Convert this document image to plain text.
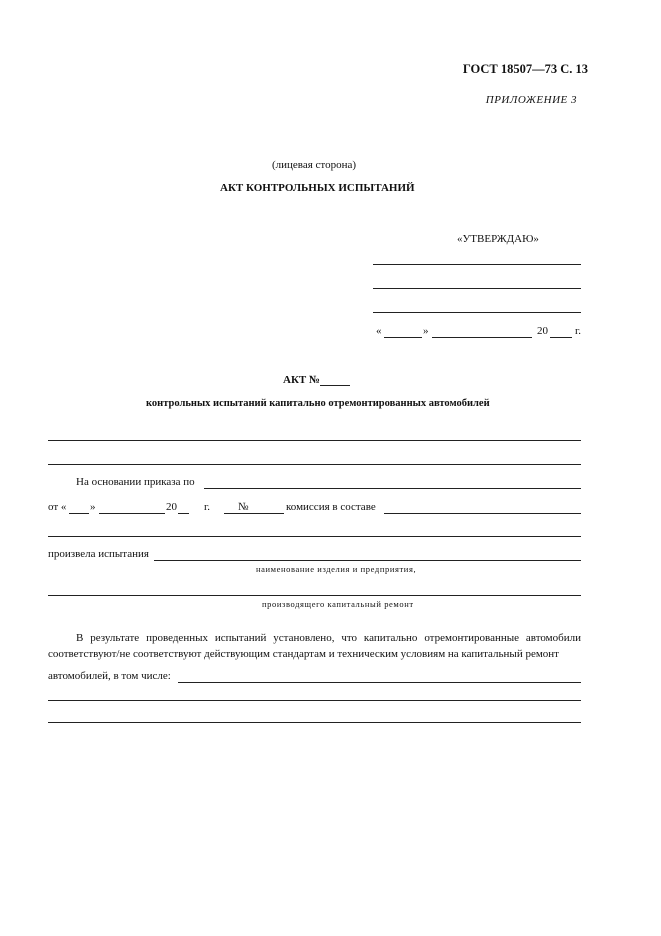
ГОСТ 18507—73 С. 13
ПРИЛОЖЕНИЕ 3
(лицевая сторона)
АКТ КОНТРОЛЬНЫХ ИСПЫТАНИЙ
«УТВЕРЖДАЮ»
«	»	20 г.
АКТ №
контрольных испытаний капитально отремонтированных автомобилей
На основании приказа по
от « »	20 г.	№	комиссия в составе
произвела испытания
наименование изделия и предприятия,
производящего капитальный ремонт
В результате проведенных испытаний установлено, что капитально отремонтированные автомобили соответствуют/не соответствуют действующим стандартам и техническим условиям на капитальный ремонт
автомобилей, в том числе:
